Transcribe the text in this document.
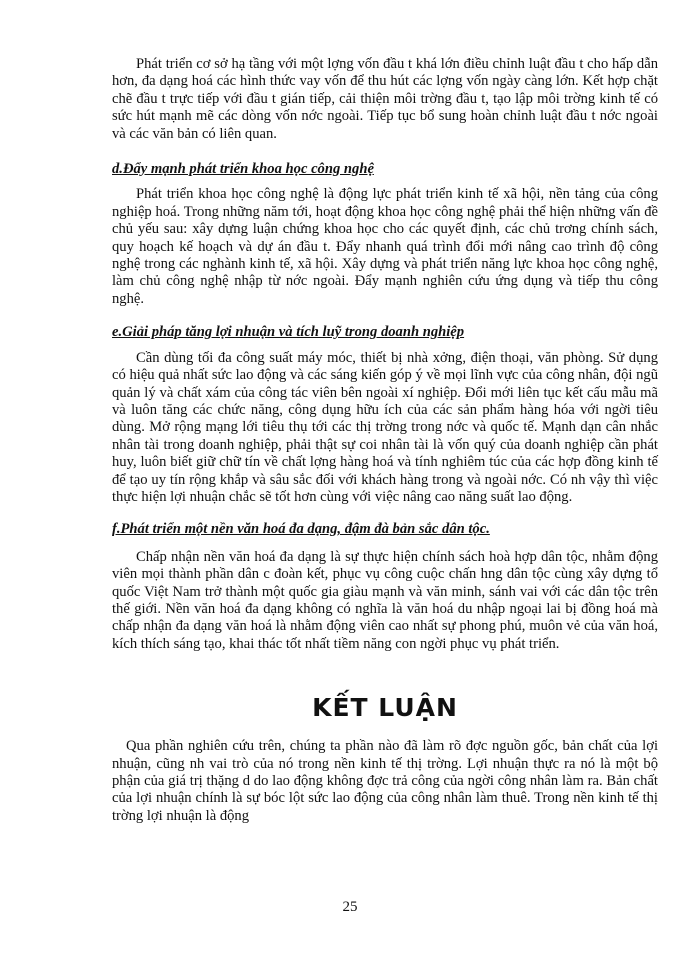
Phát triển cơ sở hạ tầng với một lợng vốn đầu t khá lớn điều chỉnh luật đầu t cho hấp dẫn hơn, đa dạng hoá các hình thức vay vốn để thu hút các lợng vốn ngày càng lớn. Kết hợp chặt chẽ đầu t trực tiếp với đầu t gián tiếp, cải thiện môi trờng đầu t, tạo lập môi trờng kinh tế có sức hút mạnh mẽ các dòng vốn nớc ngoài. Tiếp tục bổ sung hoàn chỉnh luật đầu t nớc ngoài và các văn bản có liên quan.

d.Đẩy mạnh phát triển khoa học công nghệ

Phát triển khoa học công nghệ là động lực phát triển kinh tế xã hội, nền tảng của công nghiệp hoá. Trong những năm tới, hoạt động khoa học công nghệ phải thể hiện những vấn đề chủ yếu sau: xây dựng luận chứng khoa học cho các quyết định, các chủ trơng chính sách, quy hoạch kế hoạch và dự án đầu t. Đẩy nhanh quá trình đổi mới nâng cao trình độ công nghệ trong các nghành kinh tế, xã hội. Xây dựng và phát triển năng lực khoa học công nghệ, làm chủ công nghệ nhập từ nớc ngoài. Đẩy mạnh nghiên cứu ứng dụng và tiếp thu công nghệ.

e.Giải pháp tăng lợi nhuận và tích luỹ trong doanh nghiệp

Cần dùng tối đa công suất máy móc, thiết bị nhà xởng, điện thoại, văn phòng. Sử dụng có hiệu quả nhất sức lao động và các sáng kiến góp ý về mọi lĩnh vực của công nhân, đội ngũ quản lý và chất xám của công tác viên bên ngoài xí nghiệp. Đổi mới liên tục kết cấu mẫu mã và luôn tăng các chức năng, công dụng hữu ích của các sản phẩm hàng hóa với ngời tiêu dùng. Mở rộng mạng lới tiêu thụ tới các thị trờng trong nớc và quốc tế. Mạnh dạn cân nhắc nhân tài trong doanh nghiệp, phải thật sự coi nhân tài là vốn quý của doanh nghiệp cần phát huy, luôn biết giữ chữ tín về chất lợng hàng hoá và tính nghiêm túc của các hợp đồng kinh tế để tạo uy tín rộng khắp và sâu sắc đối với khách hàng trong và ngoài nớc. Có nh vậy thì việc thực hiện lợi nhuận chắc sẽ tốt hơn cùng với việc nâng cao năng suất lao động.

f.Phát triển một nền văn hoá đa dạng, đậm đà bản sắc dân tộc.

Chấp nhận nền văn hoá đa dạng là sự thực hiện chính sách hoà hợp dân tộc, nhằm động viên mọi thành phần dân c đoàn kết, phục vụ công cuộc chấn hng dân tộc cùng xây dựng tổ quốc Việt Nam trở thành một quốc gia giàu mạnh và văn minh, sánh vai với các dân tộc trên thế giới. Nền văn hoá đa dạng không có nghĩa là văn hoá du nhập ngoại lai bị đồng hoá mà chấp nhận đa dạng văn hoá là nhằm động viên cao nhất sự phong phú, muôn vẻ của văn hoá, kích thích sáng tạo, khai thác tốt nhất tiềm năng con ngời phục vụ phát triển.

KẾT LUẬN

Qua phần nghiên cứu trên, chúng ta phần nào đã làm rõ đợc nguồn gốc, bản chất của lợi nhuận, cũng nh vai trò của nó trong nền kinh tế thị trờng. Lợi nhuận thực ra nó là một bộ phận của giá trị thặng d do lao động không đợc trả công của ngời công nhân làm ra. Bản chất của lợi nhuận chính là sự bóc lột sức lao động của công nhân làm thuê. Trong nền kinh tế thị trờng lợi nhuận là động

25
